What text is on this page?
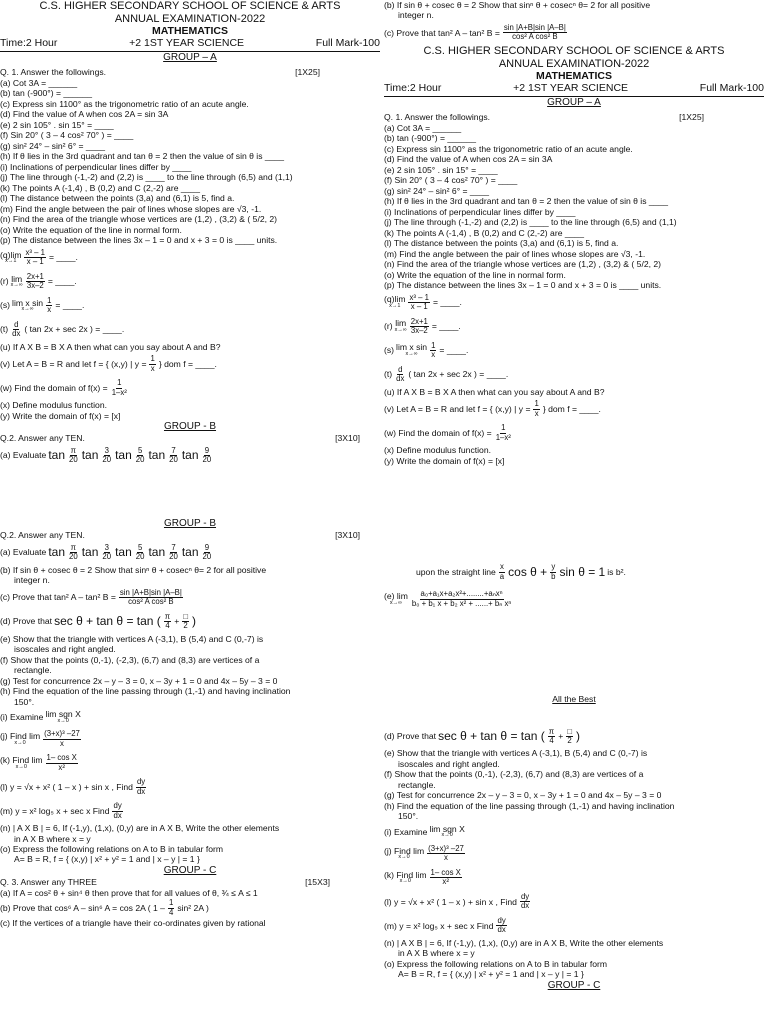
C.S. HIGHER SECONDARY SCHOOL OF SCIENCE & ARTS
ANNUAL EXAMINATION-2022
MATHEMATICS
Time:2 Hour	+2 1ST YEAR SCIENCE	Full Mark-100
GROUP – A
Q. 1. Answer the followings.	[1X25]
(a) Cot 3A = ______
(b) tan (-900°) = ______
(c) Express sin 1100° as the trigonometric ratio of an acute angle.
(d) Find the value of A when cos 2A = sin 3A
(e) 2 sin 105° . sin 15° = ____
(f) Sin 20° ( 3 – 4 cos² 70° ) = ____
(g) sin² 24° – sin² 6° = ____
(h) If θ lies in the 3rd quadrant and tan θ = 2 then the value of sin θ is ____
(i) Inclinations of perpendicular lines differ by ____
(j) The line through (-1,-2) and (2,2) is ____ to the line through (6,5) and (1,1)
(k) The points A (-1,4) , B (0,2) and C (2,-2) are ____
(l) The distance between the points (3,a) and (6,1) is 5, find a.
(m) Find the angle between the pair of lines whose slopes are √3, -1.
(n) Find the area of the triangle whose vertices are (1,2) , (3,2) & ( 5/2, 2)
(o) Write the equation of the line in normal form.
(p) The distance between the lines 3x – 1 = 0 and x + 3 = 0 is ____ units.
(q)lim
$x\to 1 \frac{\text{x³ – 1}}{x - 1}$ = ____.
(r) lim
$x\to\infty \frac{2x+1}{3x-2}$ = ____.
(s) lim x sin
$x\to\infty \frac{1}{x}$ = ____.
$(t) \frac{d}{dx}$ ( tan 2x + sec 2x ) = ____.
(u) If A X B = B X A then what can you say about A and B?
(v) Let A = B = R and let f = { (x,y) | $y = \frac{1}{x}$ } dom f = ____.
(w) Find the domain of $f(x) = \frac{1}{\text{1–x²}}$
(x) Define modulus function.
(y) Write the domain of f(x) = [x]
GROUP - B
Q.2. Answer any TEN.	[3X10]
(a) Evaluate $\tan \frac{\pi}{20}$ $\tan \frac{3}{20}$ $\tan \frac{5}{20}$ $\tan \frac{7}{20}$ $\tan \frac{9}{20}$
(b) If sin θ + cosec θ = 2 Show that sinⁿ θ + cosecⁿ θ= 2 for all positive
integer n.
(c) Prove that tan² A – tan² $B = \frac{\sin |A+B|\sin |A-B|}{\text{cos² A cos² B}}$
C.S. HIGHER SECONDARY SCHOOL OF SCIENCE & ARTS
ANNUAL EXAMINATION-2022
MATHEMATICS
Time:2 Hour	+2 1ST YEAR SCIENCE	Full Mark-100
GROUP – A
Q. 1. Answer the followings.	[1X25]
(a) Cot 3A = ______
(b) tan (-900°) = ______
(c) Express sin 1100° as the trigonometric ratio of an acute angle.
(d) Find the value of A when cos 2A = sin 3A
(e) 2 sin 105° . sin 15° = ____
(f) Sin 20° ( 3 – 4 cos² 70° ) = ____
(g) sin² 24° – sin² 6° = ____
(h) If θ lies in the 3rd quadrant and tan θ = 2 then the value of sin θ is ____
(i) Inclinations of perpendicular lines differ by ____
(j) The line through (-1,-2) and (2,2) is ____ to the line through (6,5) and (1,1)
(k) The points A (-1,4) , B (0,2) and C (2,-2) are ____
(l) The distance between the points (3,a) and (6,1) is 5, find a.
(m) Find the angle between the pair of lines whose slopes are √3, -1.
(n) Find the area of the triangle whose vertices are (1,2) , (3,2) & ( 5/2, 2)
(o) Write the equation of the line in normal form.
(p) The distance between the lines 3x – 1 = 0 and x + 3 = 0 is ____ units.
(q)lim
$x\to 1 \frac{\text{x³ – 1}}{x - 1}$ = ____.
(r) lim
$x\to\infty \frac{2x+1}{3x-2}$ = ____.
(s) lim x sin
$x\to\infty \frac{1}{x}$ = ____.
$(t) \frac{d}{dx}$ ( tan 2x + sec 2x ) = ____.
(u) If A X B = B X A then what can you say about A and B?
(v) Let A = B = R and let f = { (x,y) | $y = \frac{1}{x}$ } dom f = ____.
(w) Find the domain of $f(x) = \frac{1}{\text{1–x²}}$
(x) Define modulus function.
(y) Write the domain of f(x) = [x]
GROUP - B
Q.2. Answer any TEN.	[3X10]
(a) Evaluate $\tan \frac{\pi}{20}$ $\tan \frac{3}{20}$ $\tan \frac{5}{20}$ $\tan \frac{7}{20}$ $\tan \frac{9}{20}$
(b) If sin θ + cosec θ = 2 Show that sinⁿ θ + cosecⁿ θ= 2 for all positive
integer n.
(c) Prove that tan² A – tan² $B = \frac{\sin |A+B|\sin |A-B|}{\text{cos² A cos² B}}$
(d) Prove that sec θ + tan θ = tan ( $\frac{\pi}{4} + \frac{□}{2}$ )
(e) Show that the triangle with vertices A (-3,1), B (5,4) and C (0,-7) is
isoscales and right angled.
(f) Show that the points (0,-1), (-2,3), (6,7) and (8,3) are vertices of a
rectangle.
(g) Test for concurrence 2x – y – 3 = 0, x – 3y + 1 = 0 and 4x – 5y – 3 = 0
(h) Find the equation of the line passing through (1,-1) and having inclination
150°.
(i) Examine lim sgn X
x→0
(j) Find lim
$x\to 0 \frac{\text{(3+x)³ –27}}{x}$
(k) Find lim
$x\to 0 \frac{\text{1– cos X}}{\text{x²}}$
(l) y = √x + x² ( 1 – x ) + sin x , Find $\frac{dy}{dx}$
(m) y = x² log₅ x + sec x Find $\frac{dy}{dx}$
(n) | A X B | = 6, If (-1,y), (1,x), (0,y) are in A X B, Write the other elements
in A X B where x = y
(o) Express the following relations on A to B in tabular form
A= B = R, f = { (x,y) | x² + y² = 1 and | x – y | = 1 }
GROUP - C
Q. 3. Answer any THREE	[15X3]
(a) If A = cos² θ + sin⁴ θ then prove that for all values of θ, ¾ ≤ A ≤ 1
(b) Prove that cos⁶ A – sin⁶ A = cos 2A ( $1 - \frac{1}{4} \sin^2$ 2A )
(c) If the vertices of a triangle have their co-ordinates given by rational
upon the straight line $\frac{x}{a}$ $\cos \theta + \frac{y}{b}$ sin θ = 1 is b².
(e) lim
$x\to\infty \frac{\text{a₀+a₁x+a₂x²+........+aₙxⁿ}}{\text{b₀ + b₁ x + b₂ x² + ......+ bₙ xⁿ}}$
All the Best
(d) Prove that sec θ + tan θ = tan ( $\frac{\pi}{4} + \frac{□}{2}$ )
(e) Show that the triangle with vertices A (-3,1), B (5,4) and C (0,-7) is
isoscales and right angled.
(f) Show that the points (0,-1), (-2,3), (6,7) and (8,3) are vertices of a
rectangle.
(g) Test for concurrence 2x – y – 3 = 0, x – 3y + 1 = 0 and 4x – 5y – 3 = 0
(h) Find the equation of the line passing through (1,-1) and having inclination
150°.
(i) Examine lim sgn X
x→0
(j) Find lim
$x\to 0 \frac{\text{(3+x)³ –27}}{x}$
(k) Find lim
$x\to 0 \frac{\text{1– cos X}}{\text{x²}}$
(l) y = √x + x² ( 1 – x ) + sin x , Find $\frac{dy}{dx}$
(m) y = x² log₅ x + sec x Find $\frac{dy}{dx}$
(n) | A X B | = 6, If (-1,y), (1,x), (0,y) are in A X B, Write the other elements
in A X B where x = y
(o) Express the following relations on A to B in tabular form
A= B = R, f = { (x,y) | x² + y² = 1 and | x – y | = 1 }
GROUP - C
